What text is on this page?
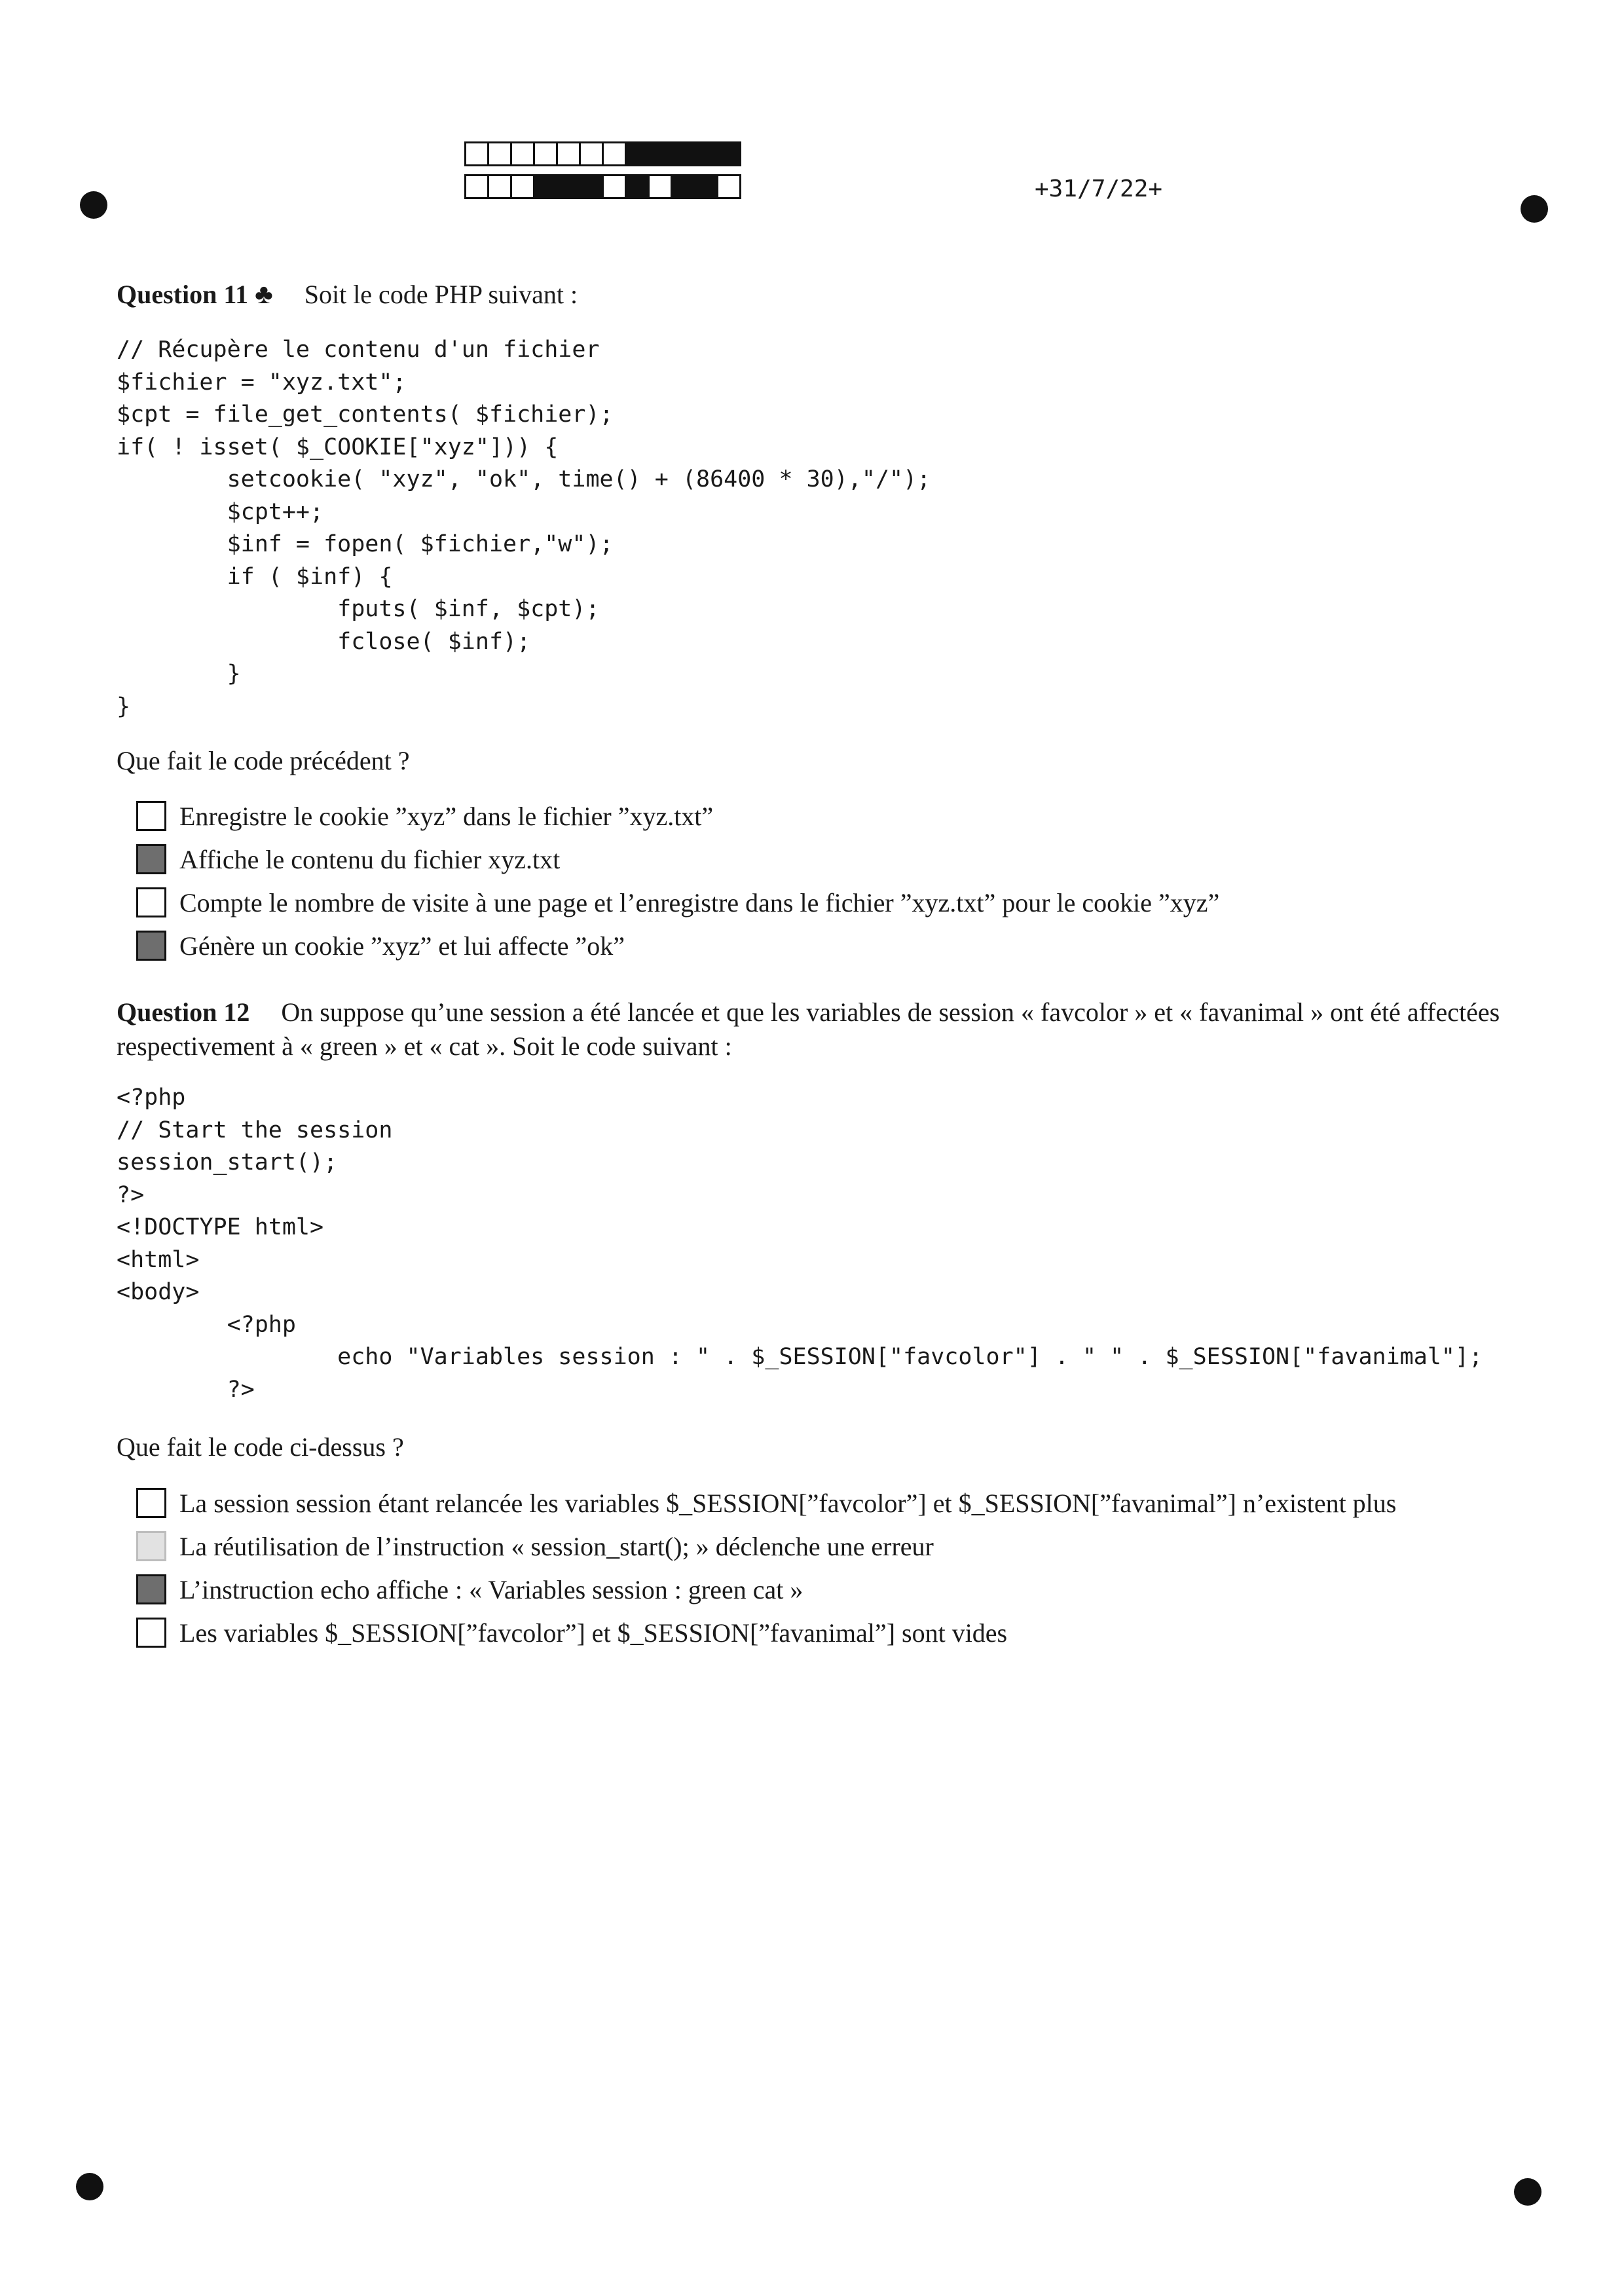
+31/7/22+
Question 11 ♣ Soit le code PHP suivant :
// Récupère le contenu d'un fichier
$fichier = "xyz.txt";
$cpt = file_get_contents( $fichier);
if( ! isset( $_COOKIE["xyz"])) {
setcookie( "xyz", "ok", time() + (86400 * 30),"/");
$cpt++;
$inf = fopen( $fichier,"w");
if ( $inf) {
fputs( $inf, $cpt);
fclose( $inf);
}
}
Que fait le code précédent ?
Enregistre le cookie ”xyz” dans le fichier ”xyz.txt”
Affiche le contenu du fichier xyz.txt
Compte le nombre de visite à une page et l’enregistre dans le fichier ”xyz.txt” pour le cookie ”xyz”
Génère un cookie ”xyz” et lui affecte ”ok”
Question 12 On suppose qu’une session a été lancée et que les variables de session « favcolor » et « favanimal » ont été affectées respectivement à « green » et « cat ». Soit le code suivant :
<?php
// Start the session
session_start();
?>
<!DOCTYPE html>
<html>
<body>
<?php
echo "Variables session : " . $_SESSION["favcolor"] . " " . $_SESSION["favanimal"];
?>
Que fait le code ci-dessus ?
La session session étant relancée les variables $_SESSION[”favcolor”] et $_SESSION[”favanimal”] n’existent plus
La réutilisation de l’instruction « session_start(); » déclenche une erreur
L’instruction echo affiche : « Variables session : green cat »
Les variables $_SESSION[”favcolor”] et $_SESSION[”favanimal”] sont vides
